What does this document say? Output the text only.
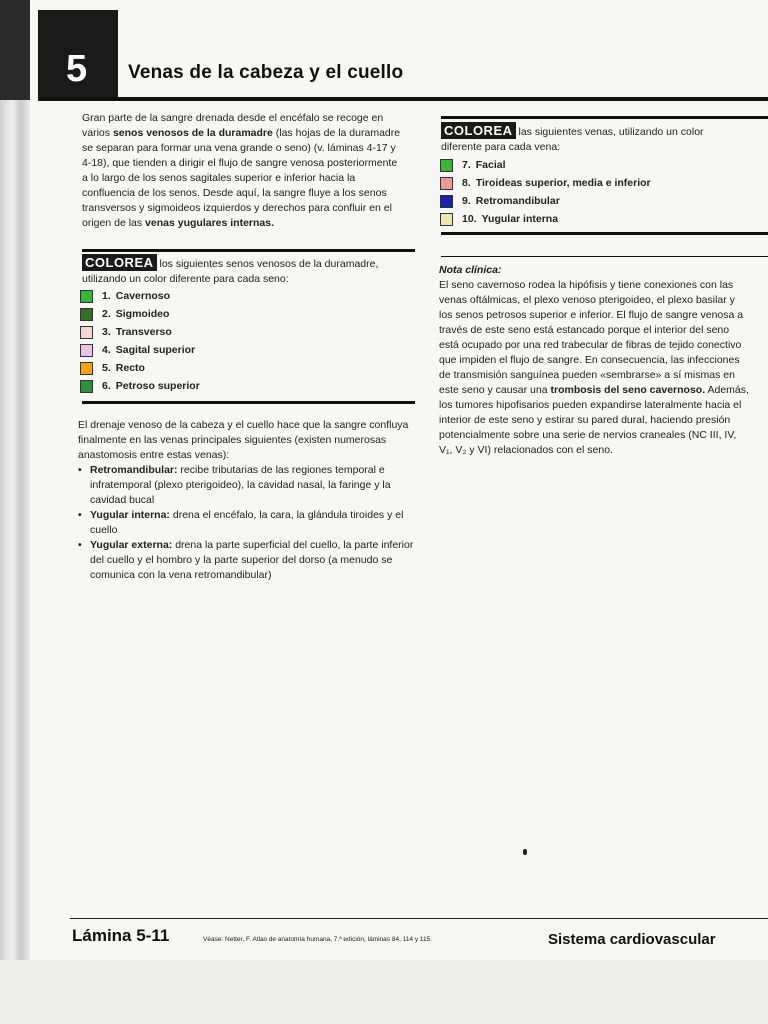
5 Venas de la cabeza y el cuello
Gran parte de la sangre drenada desde el encéfalo se recoge en varios senos venosos de la duramadre (las hojas de la duramadre se separan para formar una vena grande o seno) (v. láminas 4-17 y 4-18), que tienden a dirigir el flujo de sangre venosa posteriormente a lo largo de los senos sagitales superior e inferior hacia la confluencia de los senos. Desde aquí, la sangre fluye a los senos transversos y sigmoideos izquierdos y derechos para confluir en el origen de las venas yugulares internas.
COLOREA los siguientes senos venosos de la duramadre, utilizando un color diferente para cada seno:
1. Cavernoso
2. Sigmoideo
3. Transverso
4. Sagital superior
5. Recto
6. Petroso superior
El drenaje venoso de la cabeza y el cuello hace que la sangre confluya finalmente en las venas principales siguientes (existen numerosas anastomosis entre estas venas):
• Retromandibular: recibe tributarias de las regiones temporal e infratemporal (plexo pterigoideo), la cavidad nasal, la faringe y la cavidad bucal
• Yugular interna: drena el encéfalo, la cara, la glándula tiroides y el cuello
• Yugular externa: drena la parte superficial del cuello, la parte inferior del cuello y el hombro y la parte superior del dorso (a menudo se comunica con la vena retromandibular)
COLOREA las siguientes venas, utilizando un color diferente para cada vena:
7. Facial
8. Tiroideas superior, media e inferior
9. Retromandibular
10. Yugular interna
Nota clínica:
El seno cavernoso rodea la hipófisis y tiene conexiones con las venas oftálmicas, el plexo venoso pterigoideo, el plexo basilar y los senos petrosos superior e inferior. El flujo de sangre venosa a través de este seno está estancado porque el interior del seno está ocupado por una red trabecular de fibras de tejido conectivo que impiden el flujo de sangre. En consecuencia, las infecciones de transmisión sanguínea pueden «sembrarse» a sí mismas en este seno y causar una trombosis del seno cavernoso. Además, los tumores hipofisarios pueden expandirse lateralmente hacia el interior de este seno y estirar su pared dural, haciendo presión potencialmente sobre una serie de nervios craneales (NC III, IV, V₁, V₂ y VI) relacionados con el seno.
Lámina 5-11	Véase: Netter, F. Atlas de anatomía humana, 7.ª edición, láminas 84, 114 y 115.	Sistema cardiovascular
